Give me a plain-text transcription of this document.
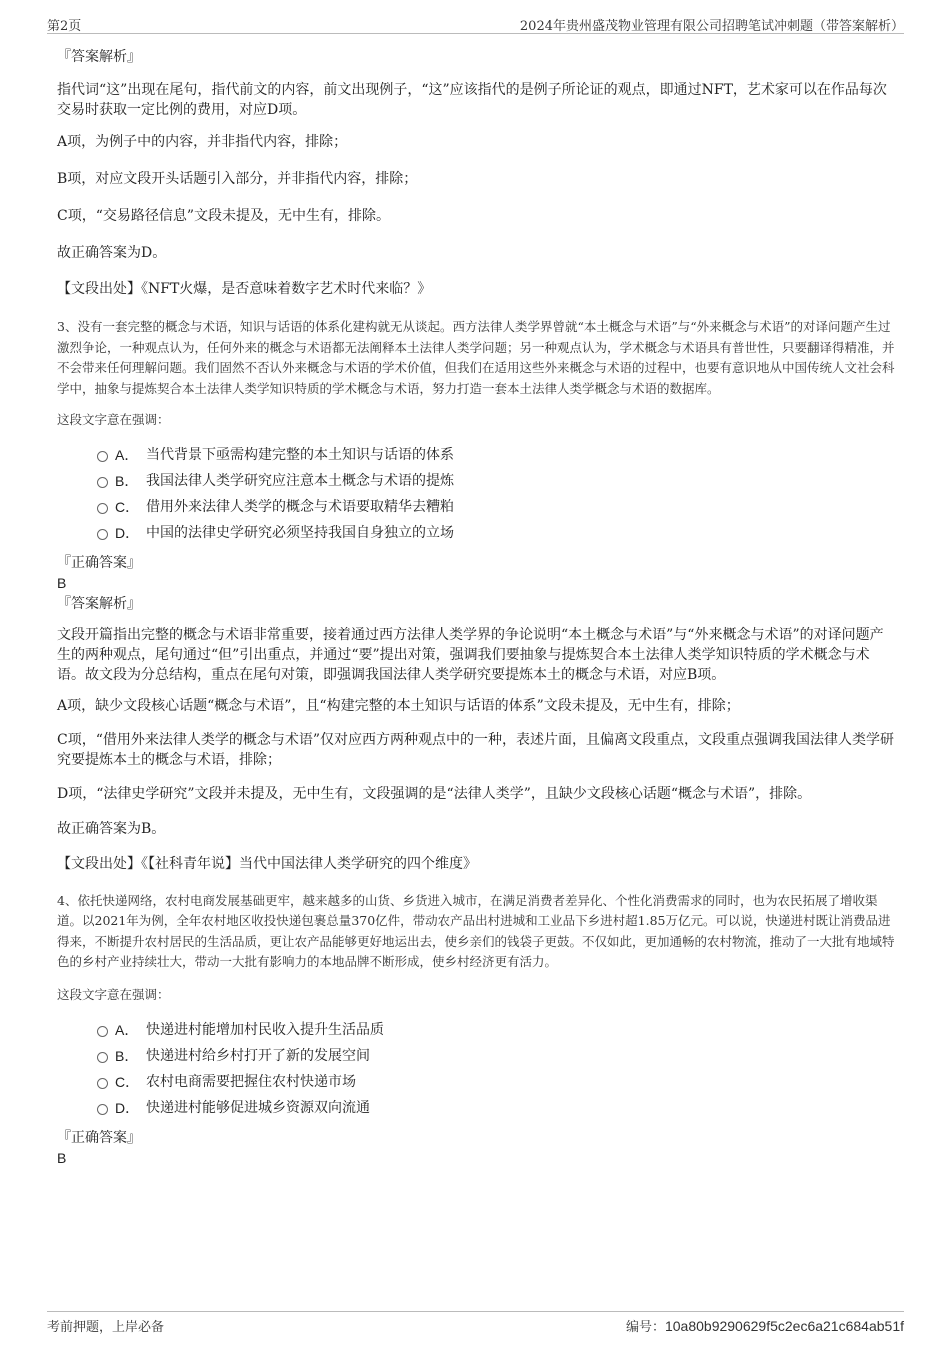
第2页	2024年贵州盛茂物业管理有限公司招聘笔试冲刺题（带答案解析）
『答案解析』

指代词“这”出现在尾句，指代前文的内容，前文出现例子，“这”应该指代的是例子所论证的观点，即通过NFT，艺术家可以在作品每次交易时获取一定比例的费用，对应D项。

A项，为例子中的内容，并非指代内容，排除；

B项，对应文段开头话题引入部分，并非指代内容，排除；

C项，“交易路径信息”文段未提及，无中生有，排除。

故正确答案为D。

【文段出处】《NFT火爆，是否意味着数字艺术时代来临？》

3、没有一套完整的概念与术语，知识与话语的体系化建构就无从谈起。西方法律人类学界曾就“本土概念与术语”与“外来概念与术语”的对译问题产生过激烈争论，一种观点认为，任何外来的概念与术语都无法阐释本土法律人类学问题；另一种观点认为，学术概念与术语具有普世性，只要翻译得精准，并不会带来任何理解问题。我们固然不否认外来概念与术语的学术价值，但我们在适用这些外来概念与术语的过程中，也要有意识地从中国传统人文社会科学中，抽象与提炼契合本土法律人类学知识特质的学术概念与术语，努力打造一套本土法律人类学概念与术语的数据库。

这段文字意在强调：

A． 当代背景下亟需构建完整的本土知识与话语的体系
B． 我国法律人类学研究应注意本土概念与术语的提炼
C． 借用外来法律人类学的概念与术语要取精华去糟粕
D． 中国的法律史学研究必须坚持我国自身独立的立场
『正确答案』
B
『答案解析』

文段开篇指出完整的概念与术语非常重要，接着通过西方法律人类学界的争论说明“本土概念与术语”与“外来概念与术语”的对译问题产生的两种观点，尾句通过“但”引出重点，并通过“要”提出对策，强调我们要抽象与提炼契合本土法律人类学知识特质的学术概念与术语。故文段为分总结构，重点在尾句对策，即强调我国法律人类学研究要提炼本土的概念与术语，对应B项。

A项，缺少文段核心话题“概念与术语”，且“构建完整的本土知识与话语的体系”文段未提及，无中生有，排除；

C项，“借用外来法律人类学的概念与术语”仅对应西方两种观点中的一种，表述片面，且偏离文段重点，文段重点强调我国法律人类学研究要提炼本土的概念与术语，排除；

D项，“法律史学研究”文段并未提及，无中生有，文段强调的是“法律人类学”，且缺少文段核心话题“概念与术语”，排除。

故正确答案为B。

【文段出处】《【社科青年说】当代中国法律人类学研究的四个维度》

4、依托快递网络，农村电商发展基础更牢，越来越多的山货、乡货进入城市，在满足消费者差异化、个性化消费需求的同时，也为农民拓展了增收渠道。以2021年为例，全年农村地区收投快递包裹总量370亿件，带动农产品出村进城和工业品下乡进村超1.85万亿元。可以说，快递进村既让消费品进得来，不断提升农村居民的生活品质，更让农产品能够更好地运出去，使乡亲们的钱袋子更鼓。不仅如此，更加通畅的农村物流，推动了一大批有地域特色的乡村产业持续壮大，带动一大批有影响力的本地品牌不断形成，使乡村经济更有活力。

这段文字意在强调：

A． 快递进村能增加村民收入提升生活品质
B． 快递进村给乡村打开了新的发展空间
C． 农村电商需要把握住农村快递市场
D． 快递进村能够促进城乡资源双向流通
『正确答案』
B
考前押题，上岸必备	编号：10a80b9290629f5c2ec6a21c684ab51f
